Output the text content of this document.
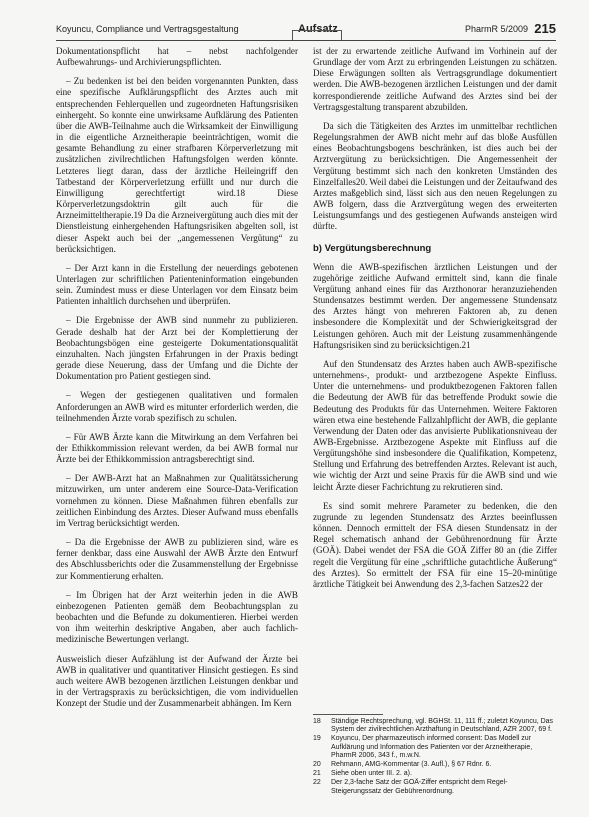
Koyuncu, Compliance und Vertragsgestaltung	Aufsatz	PharmR 5/2009 215

Dokumentationspflicht hat – nebst nachfolgender Aufbewahrungs- und Archivierungspflichten.

– Zu bedenken ist bei den beiden vorgenannten Punkten, dass eine spezifische Aufklärungspflicht des Arztes auch mit entsprechenden Fehlerquellen und zugeordneten Haftungsrisiken einhergeht. So konnte eine unwirksame Aufklärung des Patienten über die AWB-Teilnahme auch die Wirksamkeit der Einwilligung in die eigentliche Arzneitherapie beeinträchtigen, womit die gesamte Behandlung zu einer strafbaren Körperverletzung mit zusätzlichen zivilrechtlichen Haftungsfolgen werden könnte. Letzteres liegt daran, dass der ärztliche Heileingriff den Tatbestand der Körperverletzung erfüllt und nur durch die Einwilligung gerechtfertigt wird.18 Diese Körperverletzungsdoktrin gilt auch für die Arzneimitteltherapie.19 Da die Arzneivergütung auch dies mit der Dienstleistung einhergehenden Haftungsrisiken abgelten soll, ist dieser Aspekt auch bei der „angemessenen Vergütung“ zu berücksichtigen.

– Der Arzt kann in die Erstellung der neuerdings gebotenen Unterlagen zur schriftlichen Patienteninformation eingebunden sein. Zumindest muss er diese Unterlagen vor dem Einsatz beim Patienten inhaltlich durchsehen und überprüfen.

– Die Ergebnisse der AWB sind nunmehr zu publizieren. Gerade deshalb hat der Arzt bei der Komplettierung der Beobachtungsbögen eine gesteigerte Dokumentationsqualität einzuhalten. Nach jüngsten Erfahrungen in der Praxis bedingt gerade diese Neuerung, dass der Umfang und die Dichte der Dokumentation pro Patient gestiegen sind.

– Wegen der gestiegenen qualitativen und formalen Anforderungen an AWB wird es mitunter erforderlich werden, die teilnehmenden Ärzte vorab spezifisch zu schulen.

– Für AWB Ärzte kann die Mitwirkung an dem Verfahren bei der Ethikkommission relevant werden, da bei AWB formal nur Ärzte bei der Ethikkommission antragsberechtigt sind.

– Der AWB-Arzt hat an Maßnahmen zur Qualitätssicherung mitzuwirken, um unter anderem eine Source-Data-Verification vornehmen zu können. Diese Maßnahmen führen ebenfalls zur zeitlichen Einbindung des Arztes. Dieser Aufwand muss ebenfalls im Vertrag berücksichtigt werden.

– Da die Ergebnisse der AWB zu publizieren sind, wäre es ferner denkbar, dass eine Auswahl der AWB Ärzte den Entwurf des Abschlussberichts oder die Zusammenstellung der Ergebnisse zur Kommentierung erhalten.

– Im Übrigen hat der Arzt weiterhin jeden in die AWB einbezogenen Patienten gemäß dem Beobachtungsplan zu beobachten und die Befunde zu dokumentieren. Hierbei werden von ihm weiterhin deskriptive Angaben, aber auch fachlich-medizinische Bewertungen verlangt.

Ausweislich dieser Aufzählung ist der Aufwand der Ärzte bei AWB in qualitativer und quantitativer Hinsicht gestiegen. Es sind auch weitere AWB bezogenen ärztlichen Leistungen denkbar und in der Vertragspraxis zu berücksichtigen, die vom individuellen Konzept der Studie und der Zusammenarbeit abhängen. Im Kern

ist der zu erwartende zeitliche Aufwand im Vorhinein auf der Grundlage der vom Arzt zu erbringenden Leistungen zu schätzen. Diese Erwägungen sollten als Vertragsgrundlage dokumentiert werden. Die AWB-bezogenen ärztlichen Leistungen und der damit korrespondierende zeitliche Aufwand des Arztes sind bei der Vertragsgestaltung transparent abzubilden.

Da sich die Tätigkeiten des Arztes im unmittelbar rechtlichen Regelungsrahmen der AWB nicht mehr auf das bloße Ausfüllen eines Beobachtungsbogens beschränken, ist dies auch bei der Arztvergütung zu berücksichtigen. Die Angemessenheit der Vergütung bestimmt sich nach den konkreten Umständen des Einzelfalles20. Weil dabei die Leistungen und der Zeitaufwand des Arztes maßgeblich sind, lässt sich aus den neuen Regelungen zu AWB folgern, dass die Arztvergütung wegen des erweiterten Leistungsumfangs und des gestiegenen Aufwands ansteigen wird dürfte.

b) Vergütungsberechnung

Wenn die AWB-spezifischen ärztlichen Leistungen und der zugehörige zeitliche Aufwand ermittelt sind, kann die finale Vergütung anhand eines für das Arzthonorar heranzuziehenden Stundensatzes bestimmt werden. Der angemessene Stundensatz des Arztes hängt von mehreren Faktoren ab, zu denen insbesondere die Komplexität und der Schwierigkeitsgrad der Leistungen gehören. Auch mit der Leistung zusammenhängende Haftungsrisiken sind zu berücksichtigen.21

Auf den Stundensatz des Arztes haben auch AWB-spezifische unternehmens-, produkt- und arztbezogene Aspekte Einfluss. Unter die unternehmens- und produktbezogenen Faktoren fallen die Bedeutung der AWB für das betreffende Produkt sowie die Bedeutung des Produkts für das Unternehmen. Weitere Faktoren wären etwa eine bestehende Fallzahlpflicht der AWB, die geplante Verwendung der Daten oder das anvisierte Publikationsniveau der AWB-Ergebnisse. Arztbezogene Aspekte mit Einfluss auf die Vergütungshöhe sind insbesondere die Qualifikation, Kompetenz, Stellung und Erfahrung des betreffenden Arztes. Relevant ist auch, wie wichtig der Arzt und seine Praxis für die AWB sind und wie leicht Ärzte dieser Fachrichtung zu rekrutieren sind.

Es sind somit mehrere Parameter zu bedenken, die den zugrunde zu legenden Stundensatz des Arztes beeinflussen können. Dennoch ermittelt der FSA diesen Stundensatz in der Regel schematisch anhand der Gebührenordnung für Ärzte (GOÄ). Dabei wendet der FSA die GOÄ Ziffer 80 an (die Ziffer regelt die Vergütung für eine „schriftliche gutachtliche Äußerung“ des Arztes). So ermittelt der FSA für eine 15–20-minütige ärztliche Tätigkeit bei Anwendung des 2,3-fachen Satzes22 der

18	Ständige Rechtsprechung, vgl. BGHSt. 11, 111 ff.; zuletzt Koyuncu, Das System der zivilrechtlichen Arzthaftung in Deutschland, AZR 2007, 69 f.
19	Koyuncu, Der pharmazeutisch informed consent: Das Modell zur Aufklärung und Information des Patienten vor der Arzneitherapie, PharmR 2006, 343 f., m.w.N.
20	Rehmann, AMG-Kommentar (3. Aufl.), § 67 Rdnr. 6.
21	Siehe oben unter III. 2. a).
22	Der 2,3-fache Satz der GOÄ-Ziffer entspricht dem Regel-Steigerungssatz der Gebührenordnung.
